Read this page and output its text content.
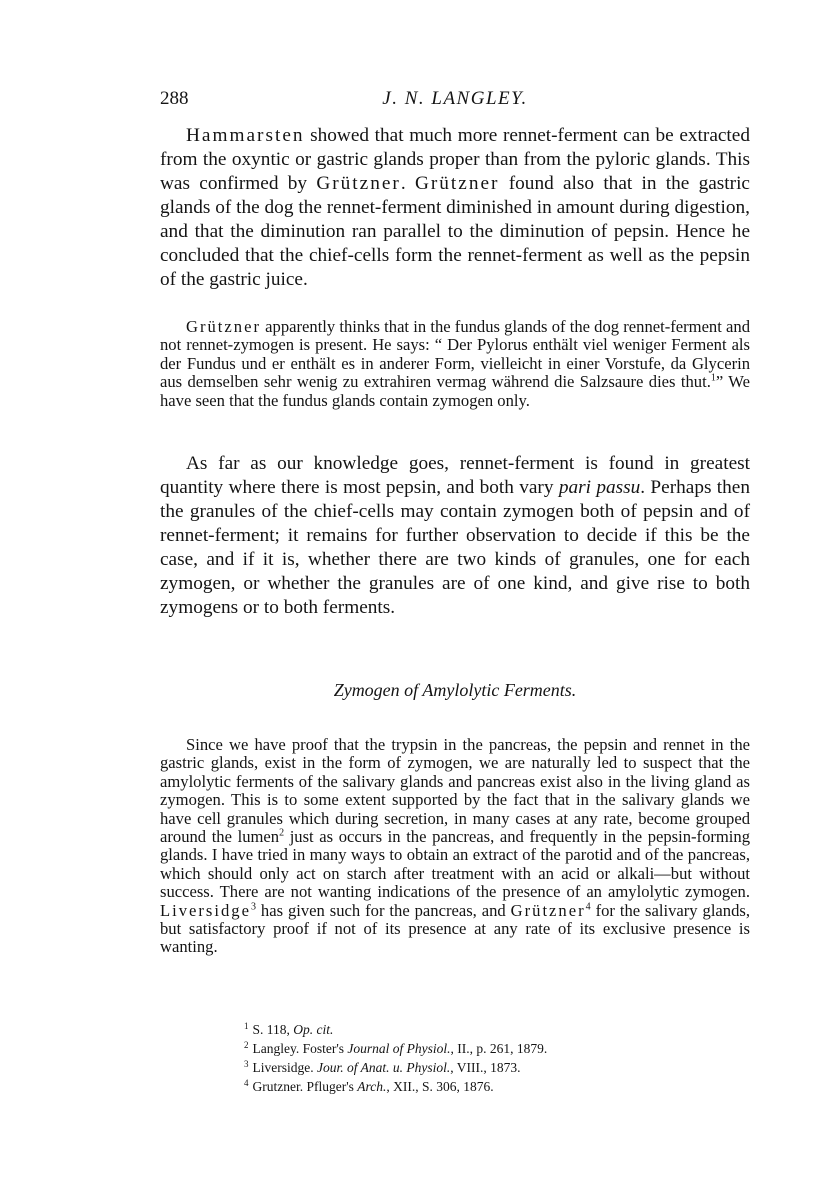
288	J. N. LANGLEY.

Hammarsten showed that much more rennet-ferment can be extracted from the oxyntic or gastric glands proper than from the pyloric glands. This was confirmed by Grützner. Grützner found also that in the gastric glands of the dog the rennet-ferment diminished in amount during digestion, and that the diminution ran parallel to the diminution of pepsin. Hence he concluded that the chief-cells form the rennet-ferment as well as the pepsin of the gastric juice.

Grützner apparently thinks that in the fundus glands of the dog rennet-ferment and not rennet-zymogen is present. He says: “ Der Pylorus enthält viel weniger Ferment als der Fundus und er enthält es in anderer Form, vielleicht in einer Vorstufe, da Glycerin aus demselben sehr wenig zu extrahiren vermag während die Salzsaure dies thut.$^1$” We have seen that the fundus glands contain zymogen only.

As far as our knowledge goes, rennet-ferment is found in greatest quantity where there is most pepsin, and both vary pari passu. Perhaps then the granules of the chief-cells may contain zymogen both of pepsin and of rennet-ferment; it remains for further observation to decide if this be the case, and if it is, whether there are two kinds of granules, one for each zymogen, or whether the granules are of one kind, and give rise to both zymogens or to both ferments.

Zymogen of Amylolytic Ferments.

Since we have proof that the trypsin in the pancreas, the pepsin and rennet in the gastric glands, exist in the form of zymogen, we are naturally led to suspect that the amylolytic ferments of the salivary glands and pancreas exist also in the living gland as zymogen. This is to some extent supported by the fact that in the salivary glands we have cell granules which during secretion, in many cases at any rate, become grouped around the lumen$^2$ just as occurs in the pancreas, and frequently in the pepsin-forming glands. I have tried in many ways to obtain an extract of the parotid and of the pancreas, which should only act on starch after treatment with an acid or alkali—but without success. There are not wanting indications of the presence of an amylolytic zymogen. Liversidge$^3$ has given such for the pancreas, and Grützner$^4$ for the salivary glands, but satisfactory proof if not of its presence at any rate of its exclusive presence is wanting.

$^1$ S. 118, Op. cit.
$^2$ Langley. Foster's Journal of Physiol., II., p. 261, 1879.
$^3$ Liversidge. Jour. of Anat. u. Physiol., VIII., 1873.
$^4$ Grutzner. Pfluger's Arch., XII., S. 306, 1876.
